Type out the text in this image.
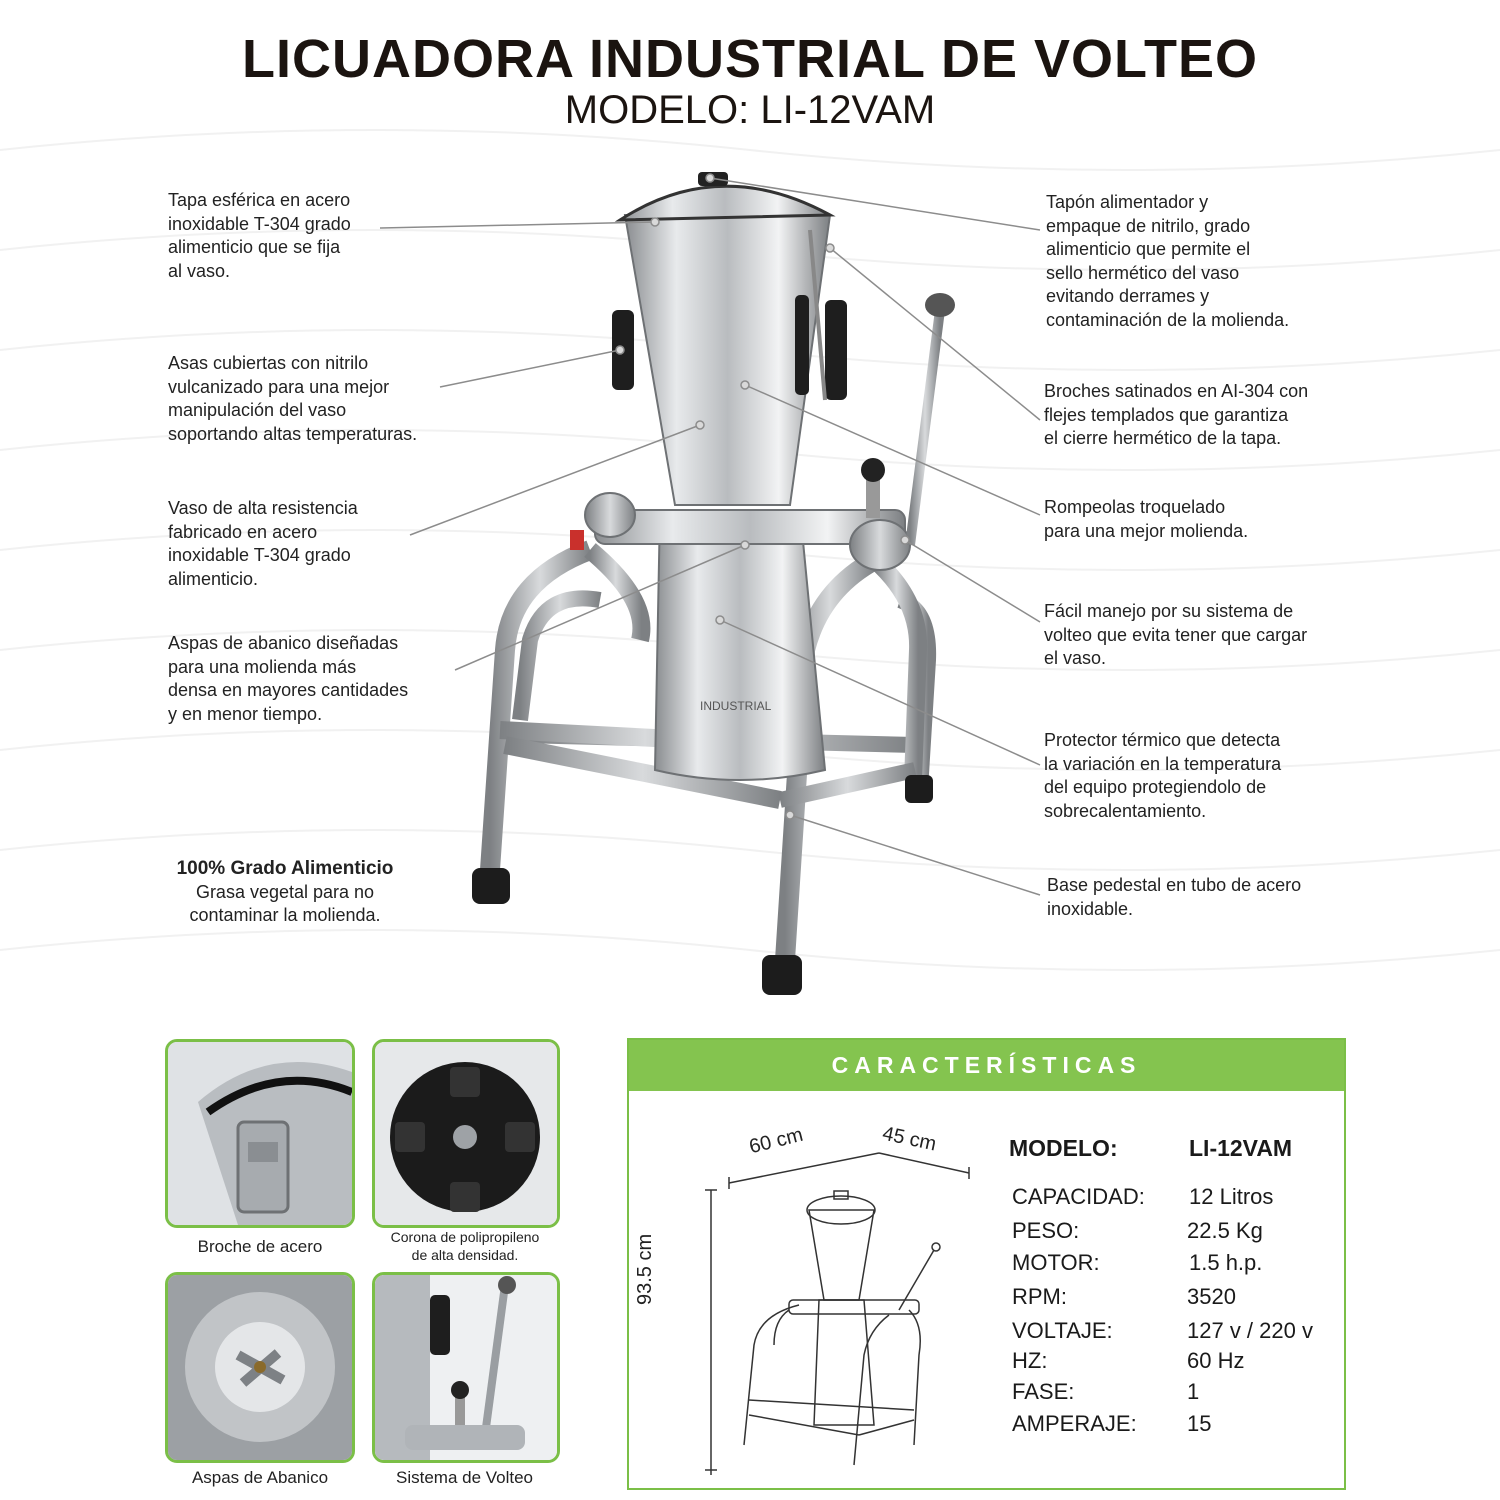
LICUADORA INDUSTRIAL DE VOLTEO
MODELO: LI-12VAM
INDUSTRIAL
Tapa esférica en acero
inoxidable T-304 grado
alimenticio que se fija
al vaso.
Asas cubiertas con nitrilo
vulcanizado para una mejor
manipulación del vaso
soportando altas temperaturas.
Vaso de alta resistencia
fabricado en acero
inoxidable T-304 grado
alimenticio.
Aspas de abanico diseñadas
para una molienda más
densa en mayores cantidades
y en menor tiempo.
Tapón alimentador y
empaque de nitrilo, grado
alimenticio que permite el
sello hermético del vaso
evitando derrames y
contaminación de la molienda.
Broches satinados en AI-304 con
flejes templados que garantiza
el cierre hermético de la tapa.
Rompeolas troquelado
para una mejor molienda.
Fácil manejo por su sistema de
volteo que evita tener que cargar
el vaso.
Protector térmico que detecta
la variación en la temperatura
del equipo protegiendolo de
sobrecalentamiento.
Base pedestal en tubo de acero
inoxidable.
100% Grado Alimenticio
Grasa vegetal para no
contaminar la molienda.
Broche de acero	Corona de polipropileno
de alta densidad.
Aspas de Abanico	Sistema de Volteo
CARACTERÍSTICAS
60 cm	45 cm
93.5 cm
MODELO:	LI-12VAM
CAPACIDAD: 12 Litros
PESO:	22.5 Kg
MOTOR:	1.5 h.p.
RPM:	3520
VOLTAJE:	127 v / 220 v
HZ:	60 Hz
FASE:	1
AMPERAJE: 15
